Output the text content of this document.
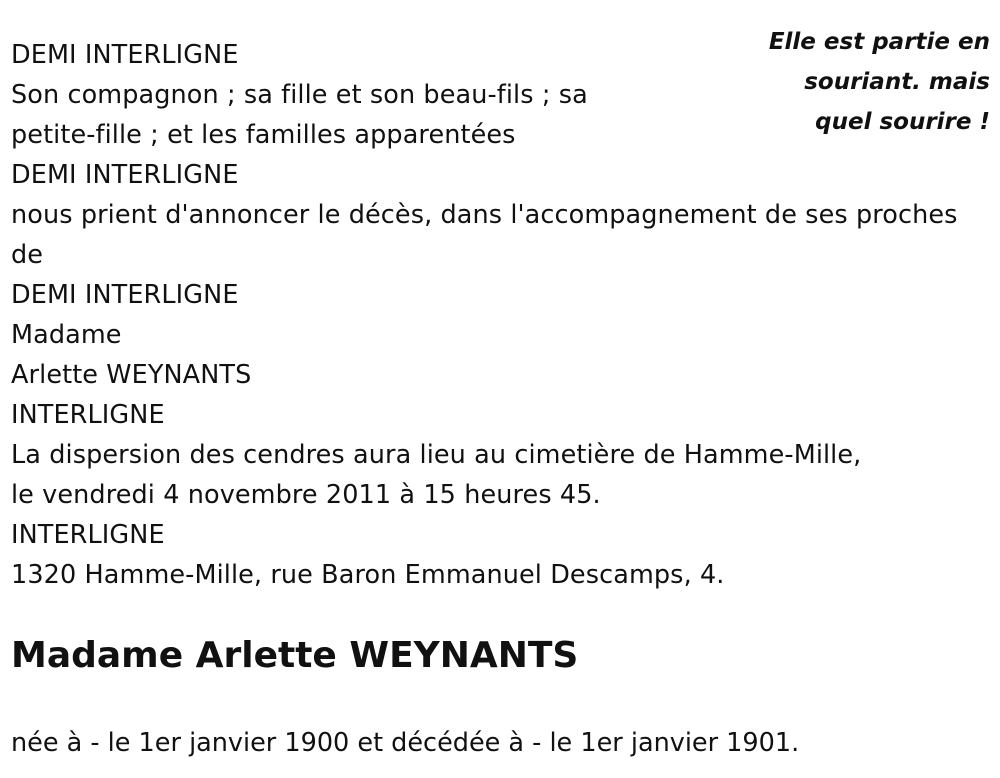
Elle est partie en
souriant. mais
quel sourire !
DEMI INTERLIGNE
Son compagnon ; sa fille et son beau-fils ; sa
petite-fille ; et les familles apparentées
DEMI INTERLIGNE
nous prient d'annoncer le décès, dans l'accompagnement de ses proches
de
DEMI INTERLIGNE
Madame
Arlette WEYNANTS
INTERLIGNE
La dispersion des cendres aura lieu au cimetière de Hamme-Mille,
le vendredi 4 novembre 2011 à 15 heures 45.
INTERLIGNE
1320 Hamme-Mille, rue Baron Emmanuel Descamps, 4.
Madame Arlette WEYNANTS
née à - le 1er janvier 1900 et décédée à - le 1er janvier 1901.
